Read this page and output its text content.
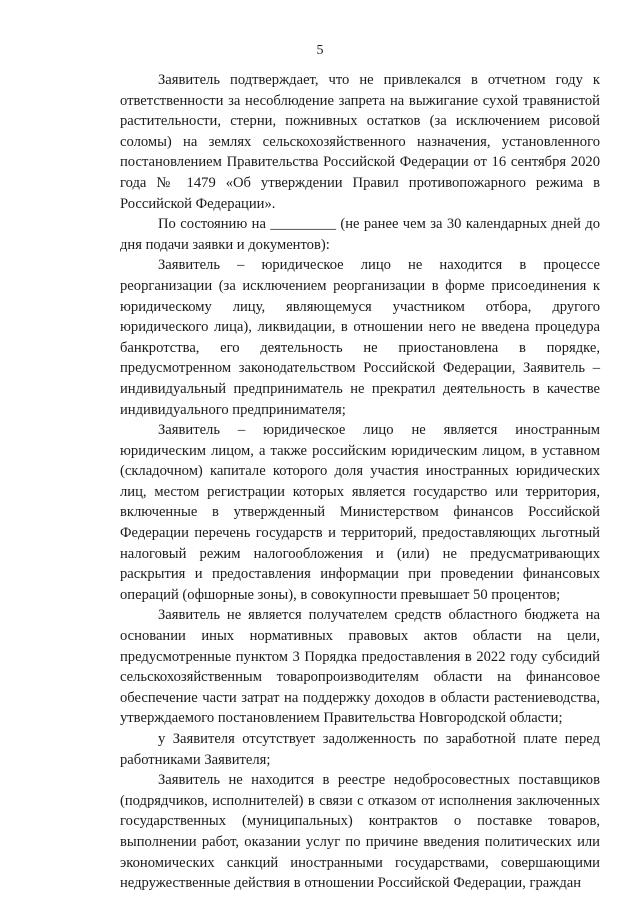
5

Заявитель подтверждает, что не привлекался в отчетном году к ответственности за несоблюдение запрета на выжигание сухой травянистой растительности, стерни, пожнивных остатков (за исключением рисовой соломы) на землях сельскохозяйственного назначения, установленного постановлением Правительства Российской Федерации от 16 сентября 2020 года № 1479 «Об утверждении Правил противопожарного режима в Российской Федерации».

По состоянию на _________ (не ранее чем за 30 календарных дней до дня подачи заявки и документов):

Заявитель – юридическое лицо не находится в процессе реорганизации (за исключением реорганизации в форме присоединения к юридическому лицу, являющемуся участником отбора, другого юридического лица), ликвидации, в отношении него не введена процедура банкротства, его деятельность не приостановлена в порядке, предусмотренном законодательством Российской Федерации, Заявитель – индивидуальный предприниматель не прекратил деятельность в качестве индивидуального предпринимателя;

Заявитель – юридическое лицо не является иностранным юридическим лицом, а также российским юридическим лицом, в уставном (складочном) капитале которого доля участия иностранных юридических лиц, местом регистрации которых является государство или территория, включенные в утвержденный Министерством финансов Российской Федерации перечень государств и территорий, предоставляющих льготный налоговый режим налогообложения и (или) не предусматривающих раскрытия и предоставления информации при проведении финансовых операций (офшорные зоны), в совокупности превышает 50 процентов;

Заявитель не является получателем средств областного бюджета на основании иных нормативных правовых актов области на цели, предусмотренные пунктом 3 Порядка предоставления в 2022 году субсидий сельскохозяйственным товаропроизводителям области на финансовое обеспечение части затрат на поддержку доходов в области растениеводства, утверждаемого постановлением Правительства Новгородской области;

у Заявителя отсутствует задолженность по заработной плате перед работниками Заявителя;

Заявитель не находится в реестре недобросовестных поставщиков (подрядчиков, исполнителей) в связи с отказом от исполнения заключенных государственных (муниципальных) контрактов о поставке товаров, выполнении работ, оказании услуг по причине введения политических или экономических санкций иностранными государствами, совершающими недружественные действия в отношении Российской Федерации, граждан
